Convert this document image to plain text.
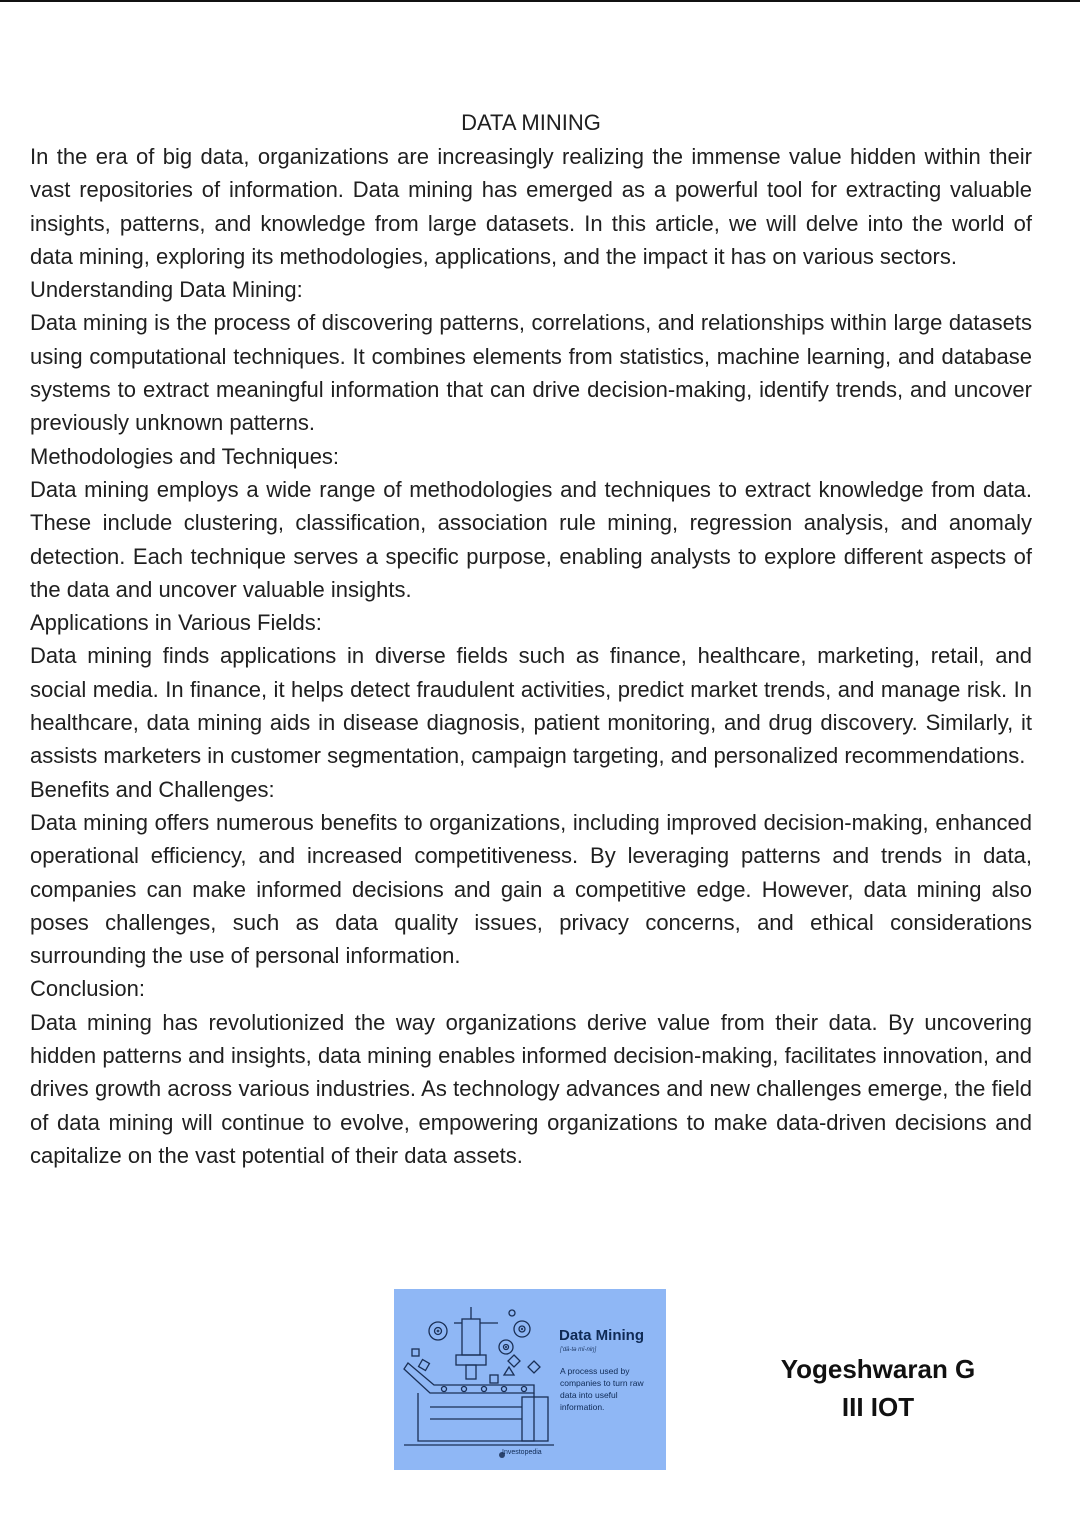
DATA MINING

In the era of big data, organizations are increasingly realizing the immense value hidden within their vast repositories of information. Data mining has emerged as a powerful tool for extracting valuable insights, patterns, and knowledge from large datasets. In this article, we will delve into the world of data mining, exploring its methodologies, applications, and the impact it has on various sectors.

Understanding Data Mining:

Data mining is the process of discovering patterns, correlations, and relationships within large datasets using computational techniques. It combines elements from statistics, machine learning, and database systems to extract meaningful information that can drive decision-making, identify trends, and uncover previously unknown patterns.

Methodologies and Techniques:

Data mining employs a wide range of methodologies and techniques to extract knowledge from data. These include clustering, classification, association rule mining, regression analysis, and anomaly detection. Each technique serves a specific purpose, enabling analysts to explore different aspects of the data and uncover valuable insights.

Applications in Various Fields:

Data mining finds applications in diverse fields such as finance, healthcare, marketing, retail, and social media. In finance, it helps detect fraudulent activities, predict market trends, and manage risk. In healthcare, data mining aids in disease diagnosis, patient monitoring, and drug discovery. Similarly, it assists marketers in customer segmentation, campaign targeting, and personalized recommendations.

Benefits and Challenges:

Data mining offers numerous benefits to organizations, including improved decision-making, enhanced operational efficiency, and increased competitiveness. By leveraging patterns and trends in data, companies can make informed decisions and gain a competitive edge. However, data mining also poses challenges, such as data quality issues, privacy concerns, and ethical considerations surrounding the use of personal information.

Conclusion:

Data mining has revolutionized the way organizations derive value from their data. By uncovering hidden patterns and insights, data mining enables informed decision-making, facilitates innovation, and drives growth across various industries. As technology advances and new challenges emerge, the field of data mining will continue to evolve, empowering organizations to make data-driven decisions and capitalize on the vast potential of their data assets.

Data Mining
['dā-tə mī-niŋ]
A process used by companies to turn raw data into useful information.
Investopedia
Yogeshwaran G
III IOT
